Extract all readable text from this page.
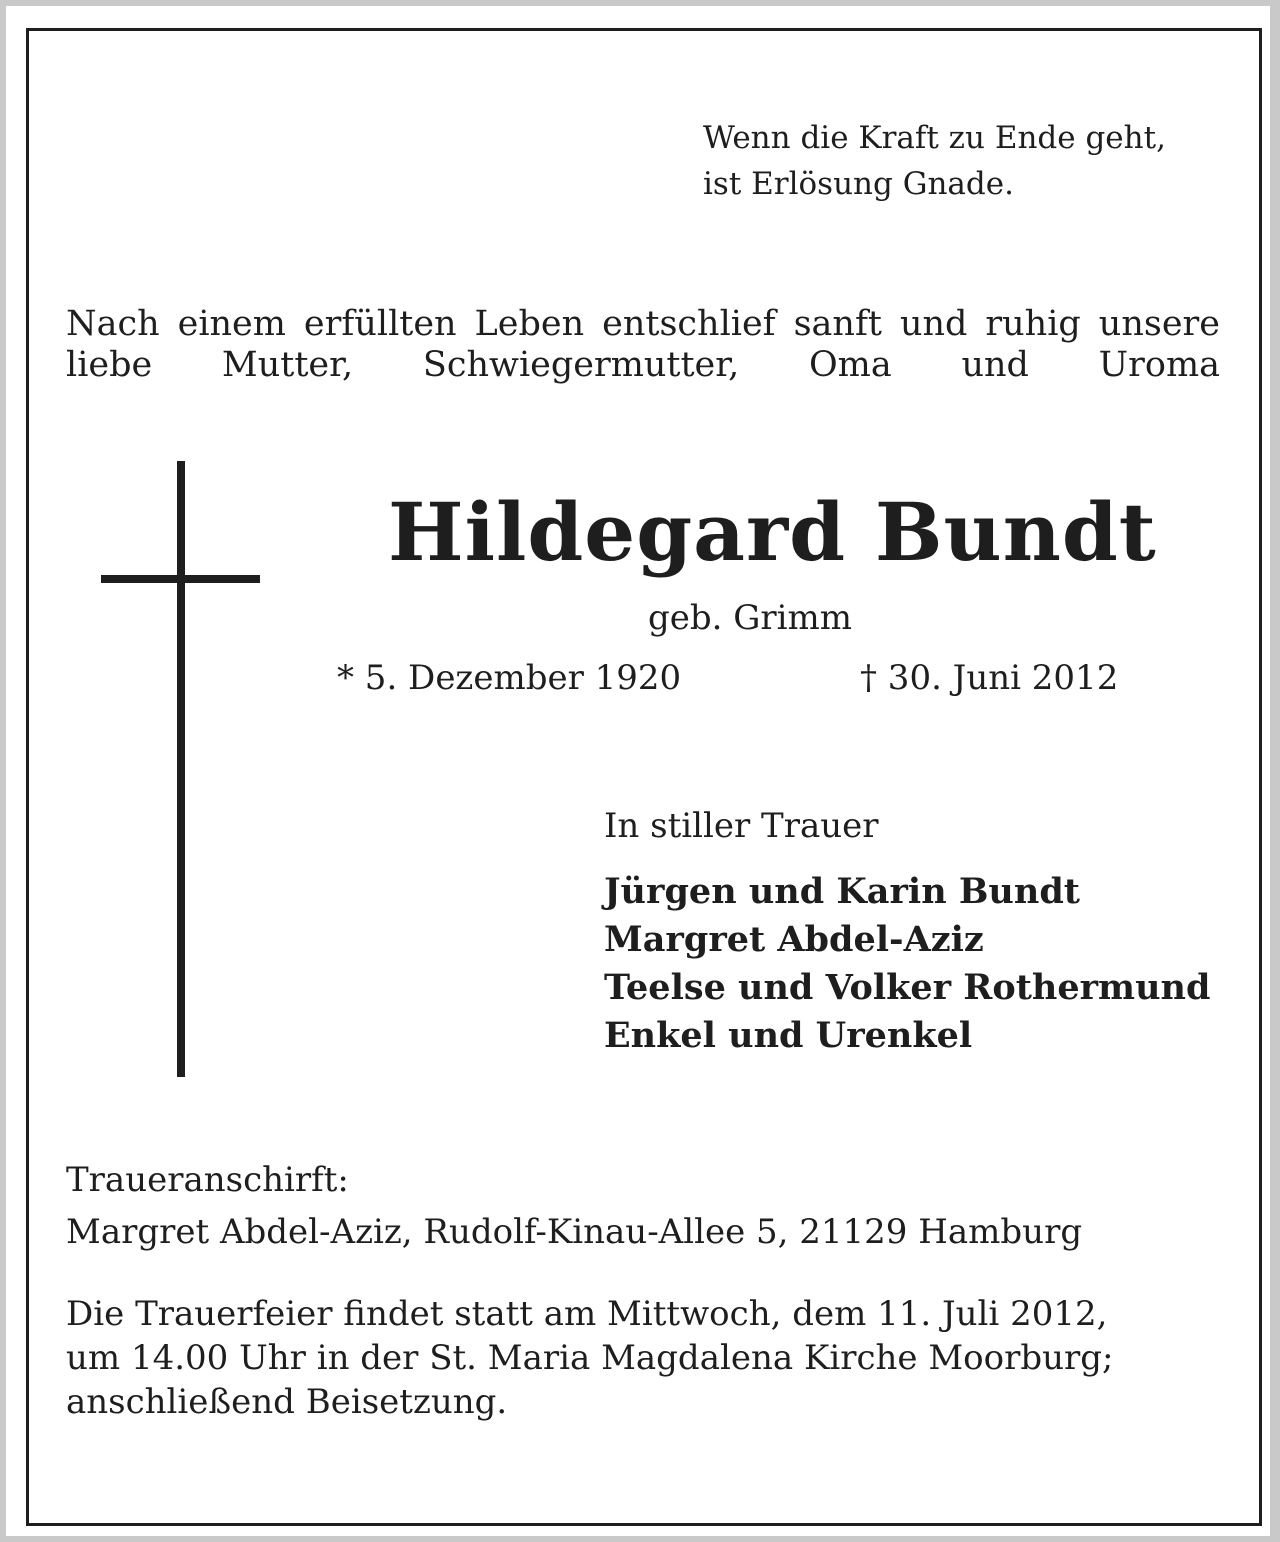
Wenn die Kraft zu Ende geht,
ist Erlösung Gnade.

Nach einem erfüllten Leben entschlief sanft und ruhig unsere liebe Mutter, Schwiegermutter, Oma und Uroma

Hildegard Bundt

geb. Grimm

* 5. Dezember 1920	† 30. Juni 2012

In stiller Trauer

Jürgen und Karin Bundt
Margret Abdel-Aziz
Teelse und Volker Rothermund
Enkel und Urenkel

Traueranschirft:

Margret Abdel-Aziz, Rudolf-Kinau-Allee 5, 21129 Hamburg

Die Trauerfeier findet statt am Mittwoch, dem 11. Juli 2012,
um 14.00 Uhr in der St. Maria Magdalena Kirche Moorburg;
anschließend Beisetzung.
